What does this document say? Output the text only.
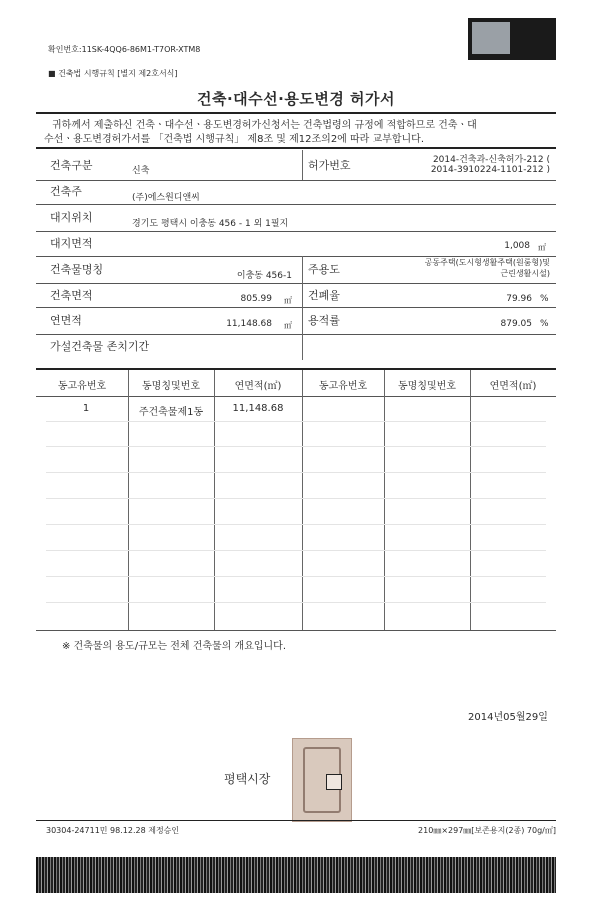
확인번호:11SK-4QQ6-86M1-T7OR-XTM8
■ 건축법 시행규칙 [별지 제2호서식]
건축·대수선·용도변경 허가서
귀하께서 제출하신 건축ㆍ대수선ㆍ용도변경허가신청서는 건축법령의 규정에 적합하므로 건축ㆍ대
수선ㆍ용도변경허가서를 「건축법 시행규칙」 제8조 및 제12조의2에 따라 교부합니다.
건축구분	신축	허가번호	2014-건축과-신축허가-212 (
2014-3910224-1101-212 )
건축주	(주)에스원디앤씨
대지위치	경기도 평택시 이충동 456 - 1 외 1필지
대지면적	1,008 ㎡
건축물명칭	이충동 456-1 주용도
공동주택(도시형생활주택(원룸형)및
근린생활시설)
건축면적	805.99 ㎡ 건폐율	79.96 %
연면적	11,148.68 ㎡ 용적률	879.05 %
가설건축물 존치기간
동고유번호	동명칭및번호	연면적(㎡)	동고유번호	동명칭및번호	연면적(㎡)
1	주건축물제1동	11,148.68
※ 건축물의 용도/규모는 전체 건축물의 개요입니다.
2014년05월29일
평택시장
30304-24711민 98.12.28 제정승인	210㎜×297㎜[보존용지(2종) 70g/㎡]
